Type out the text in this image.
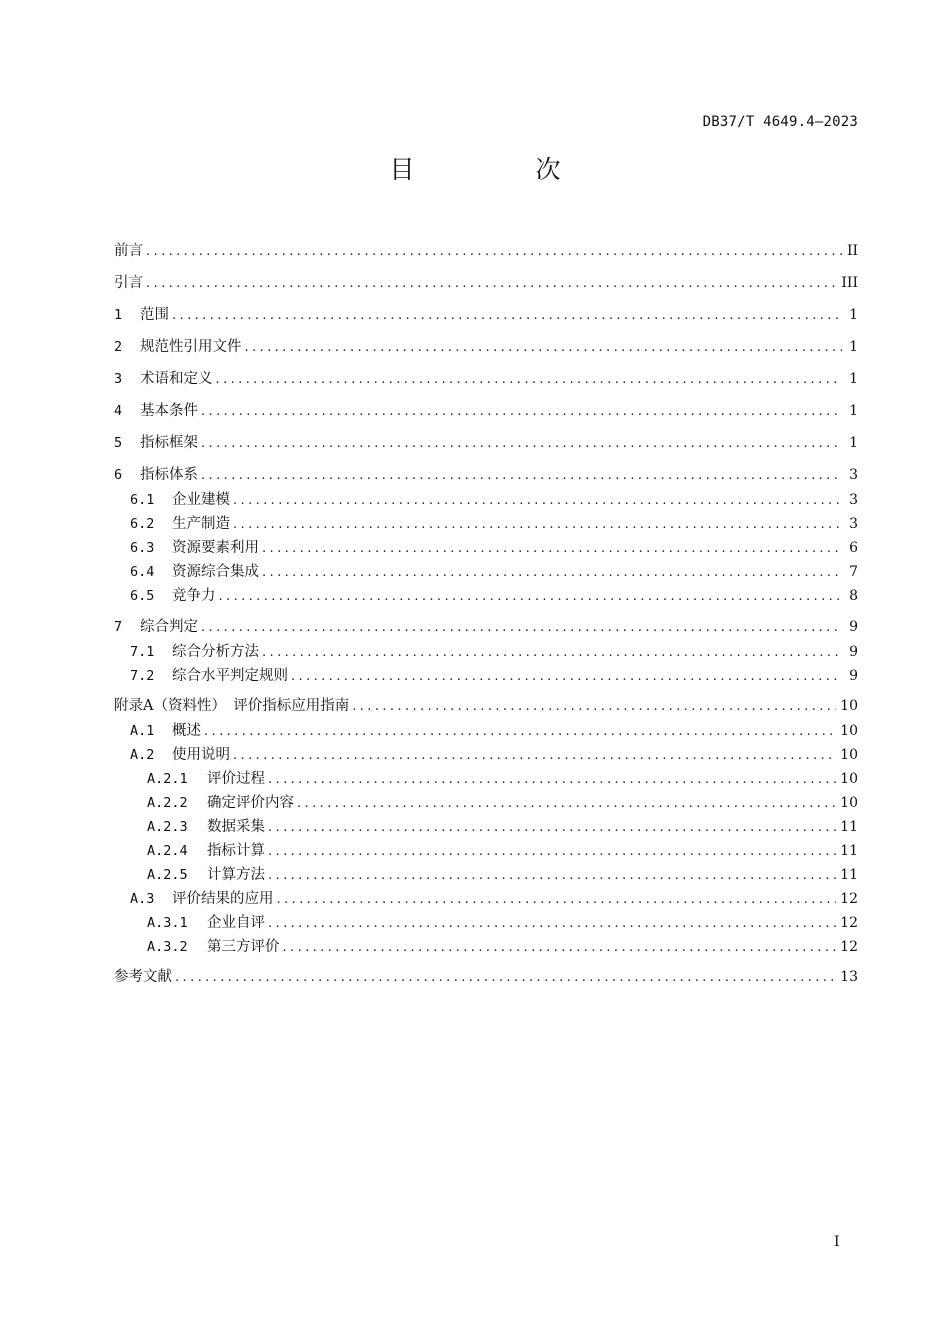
DB37/T 4649.4—2023
目　次
前言 .....	II
引言 .....	III
1	范围 .....	1
2	规范性引用文件 .....	1
3	术语和定义 .....	1
4	基本条件 .....	1
5	指标框架 .....	1
6	指标体系 .....	3
6.1	企业建模 .....	3
6.2	生产制造 .....	3
6.3	资源要素利用 .....	6
6.4	资源综合集成 .....	7
6.5	竞争力 .....	8
7	综合判定 .....	9
7.1	综合分析方法 .....	9
7.2	综合水平判定规则 .....	9
附录A（资料性）　评价指标应用指南 .....	10
A.1	概述 .....	10
A.2	使用说明 .....	10
A.2.1	评价过程 .....	10
A.2.2	确定评价内容 .....	10
A.2.3	数据采集 .....	11
A.2.4	指标计算 .....	11
A.2.5	计算方法 .....	11
A.3	评价结果的应用 .....	12
A.3.1	企业自评 .....	12
A.3.2	第三方评价 .....	12
参考文献 .....	13
I
